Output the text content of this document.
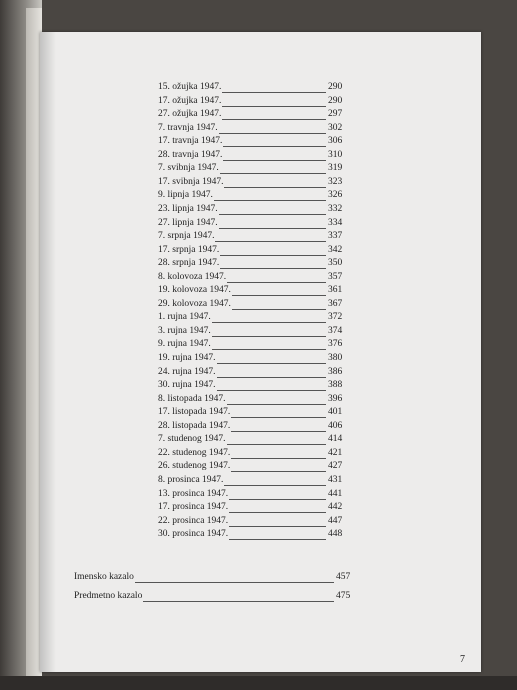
15. ožujka 1947.	290
17. ožujka 1947.	290
27. ožujka 1947.	297
7. travnja 1947.	302
17. travnja 1947.	306
28. travnja 1947.	310
7. svibnja 1947.	319
17. svibnja 1947.	323
9. lipnja 1947.	326
23. lipnja 1947.	332
27. lipnja 1947.	334
7. srpnja 1947.	337
17. srpnja 1947.	342
28. srpnja 1947.	350
8. kolovoza 1947.	357
19. kolovoza 1947.	361
29. kolovoza 1947.	367
1. rujna 1947.	372
3. rujna 1947.	374
9. rujna 1947.	376
19. rujna 1947.	380
24. rujna 1947.	386
30. rujna 1947.	388
8. listopada 1947.	396
17. listopada 1947.	401
28. listopada 1947.	406
7. studenog 1947.	414
22. studenog 1947.	421
26. studenog 1947.	427
8. prosinca 1947.	431
13. prosinca 1947.	441
17. prosinca 1947.	442
22. prosinca 1947.	447
30. prosinca 1947.	448
Imensko kazalo	457
Predmetno kazalo	475
7
